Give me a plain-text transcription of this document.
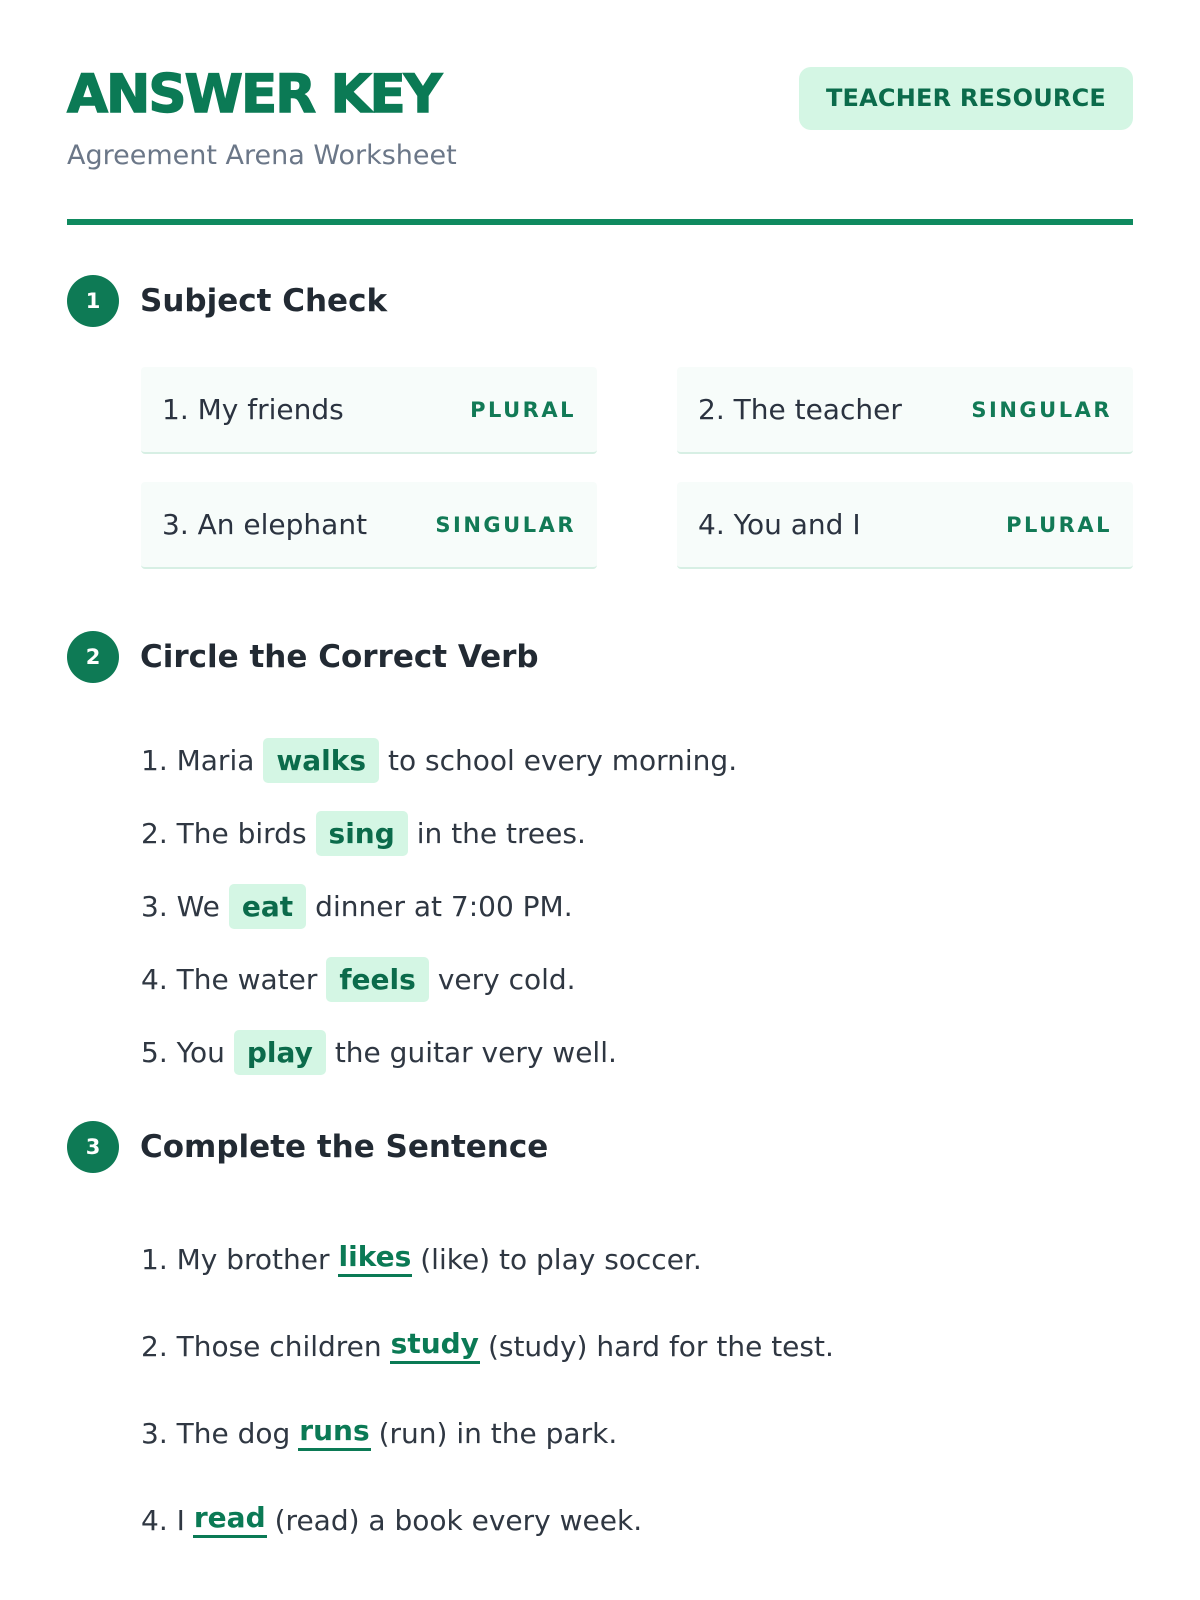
ANSWER KEY
Agreement Arena Worksheet
TEACHER RESOURCE
1	Subject Check
1. My friends	PLURAL	2. The teacher	SINGULAR
3. An elephant	SINGULAR	4. You and I	PLURAL
2	Circle the Correct Verb
1. Maria walks to school every morning.
2. The birds sing in the trees.
3. We eat dinner at 7:00 PM.
4. The water feels very cold.
5. You play the guitar very well.
3	Complete the Sentence
1. My brother likes (like) to play soccer.
2. Those children study (study) hard for the test.
3. The dog runs (run) in the park.
4. I read (read) a book every week.
